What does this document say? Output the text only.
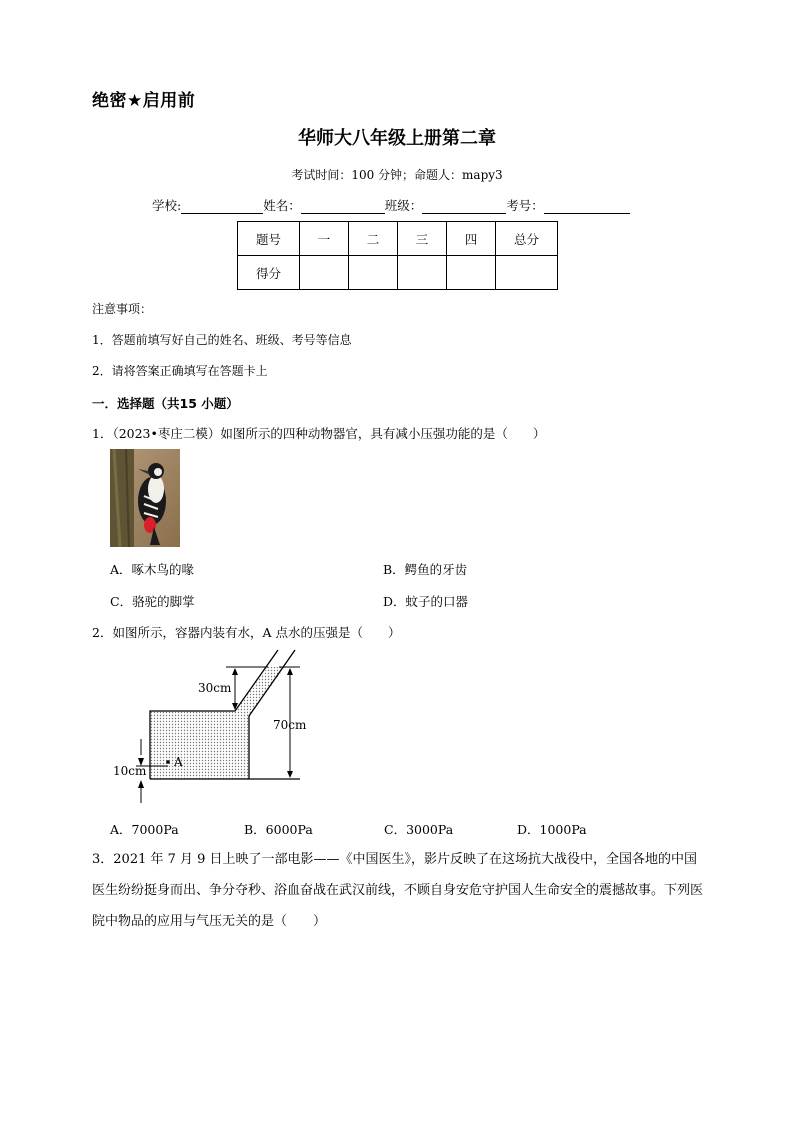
绝密★启用前
华师大八年级上册第二章
考试时间：100 分钟；命题人：mapy3
学校:	姓名：	班级：	考号：
题号	一	二	三	四	总分
得分					
注意事项：
1．答题前填写好自己的姓名、班级、考号等信息
2．请将答案正确填写在答题卡上
一．选择题（共15 小题）
1．（2023•枣庄二模）如图所示的四种动物器官，具有减小压强功能的是（　　）
A．啄木鸟的喙	B．鳄鱼的牙齿
C．骆驼的脚掌	D．蚊子的口器
2．如图所示，容器内装有水，A 点水的压强是（　　）
30cm
70cm
10cm
A
A．7000Pa	B．6000Pa	C．3000Pa	D．1000Pa
3．2021 年 7 月 9 日上映了一部电影——《中国医生》，影片反映了在这场抗大战役中，全国各地的中国医生纷纷挺身而出、争分夺秒、浴血奋战在武汉前线，不顾自身安危守护国人生命安全的震撼故事。下列医院中物品的应用与气压无关的是（　　）
